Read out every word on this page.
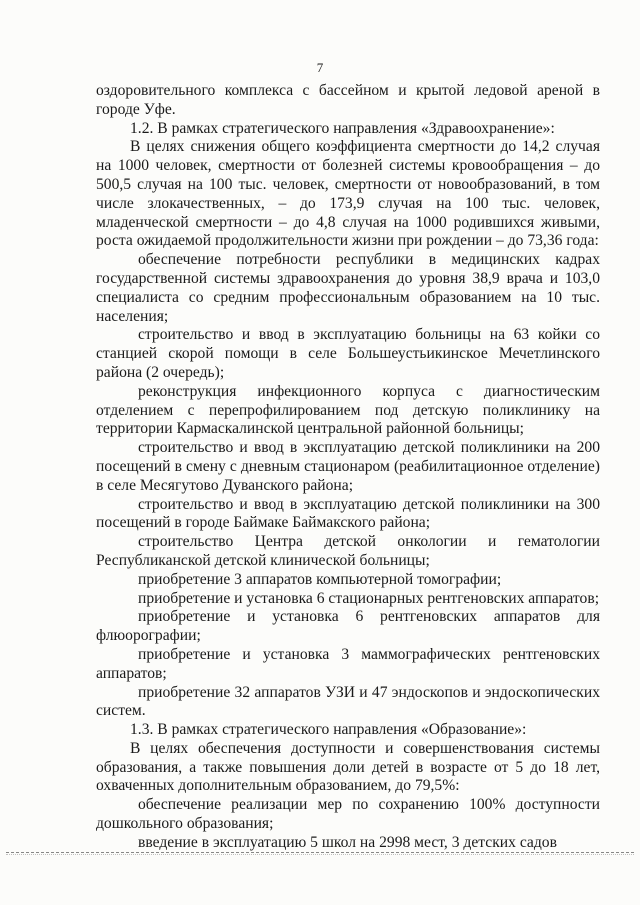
7

оздоровительного комплекса с бассейном и крытой ледовой ареной в городе Уфе.

1.2. В рамках стратегического направления «Здравоохранение»:

В целях снижения общего коэффициента смертности до 14,2 случая на 1000 человек, смертности от болезней системы кровообращения – до 500,5 случая на 100 тыс. человек, смертности от новообразований, в том числе злокачественных, – до 173,9 случая на 100 тыс. человек, младенческой смертности – до 4,8 случая на 1000 родившихся живыми, роста ожидаемой продолжительности жизни при рождении – до 73,36 года:

обеспечение потребности республики в медицинских кадрах государственной системы здравоохранения до уровня 38,9 врача и 103,0 специалиста со средним профессиональным образованием на 10 тыс. населения;

строительство и ввод в эксплуатацию больницы на 63 койки со станцией скорой помощи в селе Большеустьикинское Мечетлинского района (2 очередь);

реконструкция инфекционного корпуса с диагностическим отделением с перепрофилированием под детскую поликлинику на территории Кармаскалинской центральной районной больницы;

строительство и ввод в эксплуатацию детской поликлиники на 200 посещений в смену с дневным стационаром (реабилитационное отделение) в селе Месягутово Дуванского района;

строительство и ввод в эксплуатацию детской поликлиники на 300 посещений в городе Баймаке Баймакского района;

строительство Центра детской онкологии и гематологии Республиканской детской клинической больницы;

приобретение 3 аппаратов компьютерной томографии;

приобретение и установка 6 стационарных рентгеновских аппаратов;

приобретение и установка 6 рентгеновских аппаратов для флюорографии;

приобретение и установка 3 маммографических рентгеновских аппаратов;

приобретение 32 аппаратов УЗИ и 47 эндоскопов и эндоскопических систем.

1.3. В рамках стратегического направления «Образование»:

В целях обеспечения доступности и совершенствования системы образования, а также повышения доли детей в возрасте от 5 до 18 лет, охваченных дополнительным образованием, до 79,5%:

обеспечение реализации мер по сохранению 100% доступности дошкольного образования;

введение в эксплуатацию 5 школ на 2998 мест, 3 детских садов
